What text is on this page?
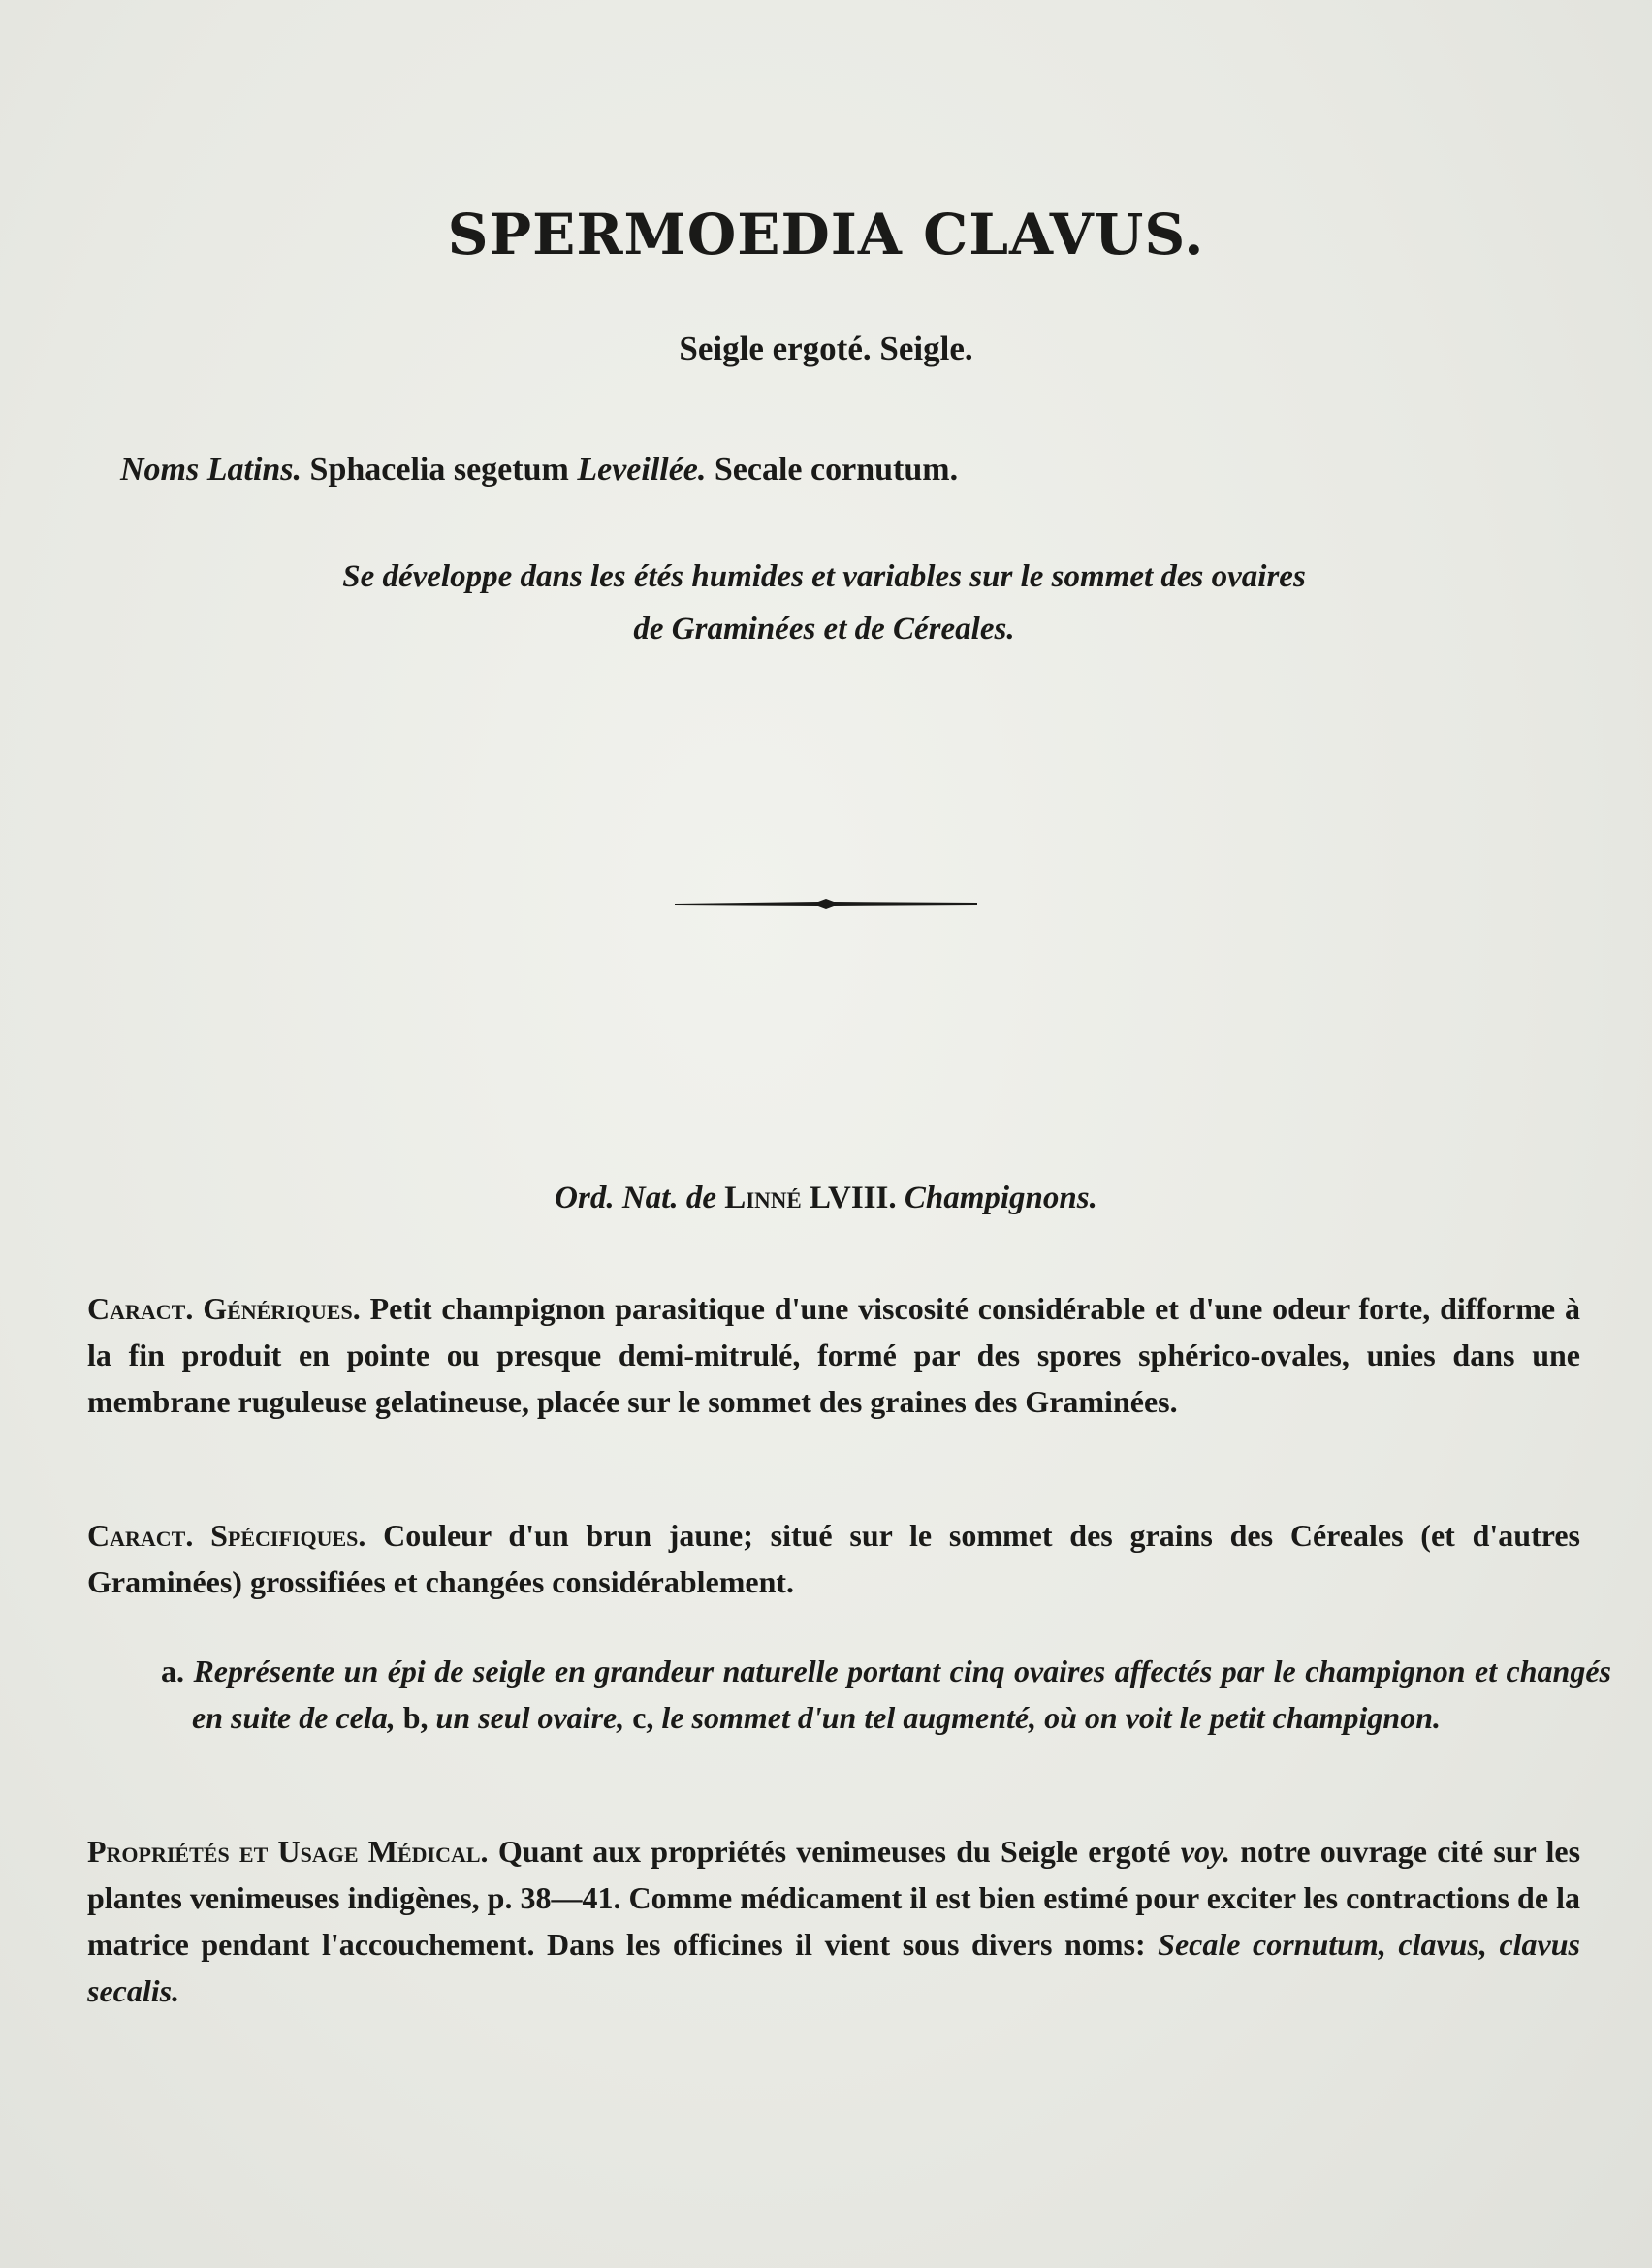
SPERMOEDIA CLAVUS.
Seigle ergoté. Seigle.
Noms Latins. Sphacelia segetum Leveillée. Secale cornutum.
Se développe dans les étés humides et variables sur le sommet des ovaires
de Graminées et de Céreales.
Ord. Nat. de Linné LVIII. Champignons.
Caract. Génériques. Petit champignon parasitique d'une viscosité considérable et d'une odeur forte, difforme à la fin produit en pointe ou presque demi-mitrulé, formé par des spores sphérico-ovales, unies dans une membrane ruguleuse gelatineuse, placée sur le sommet des graines des Graminées.
Caract. Spécifiques. Couleur d'un brun jaune; situé sur le sommet des grains des Céreales (et d'autres Graminées) grossifiées et changées considérablement.
a. Représente un épi de seigle en grandeur naturelle portant cinq ovaires affectés par le champignon et changés en suite de cela, b, un seul ovaire, c, le sommet d'un tel augmenté, où on voit le petit champignon.
Propriétés et Usage Médical. Quant aux propriétés venimeuses du Seigle ergoté voy. notre ouvrage cité sur les plantes venimeuses indigènes, p. 38—41. Comme médicament il est bien estimé pour exciter les contractions de la matrice pendant l'accouchement. Dans les officines il vient sous divers noms: Secale cornutum, clavus, clavus secalis.
